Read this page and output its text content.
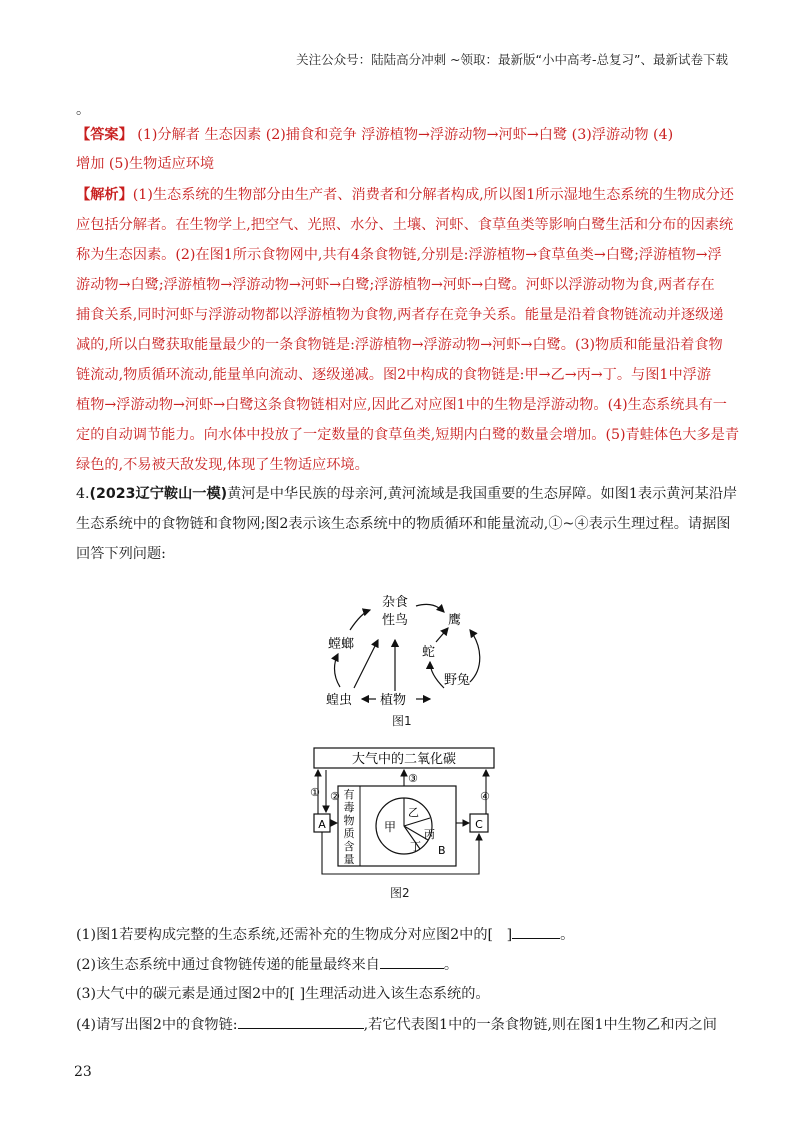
关注公众号：陆陆高分冲刺 ~领取：最新版“小中高考-总复习”、最新试卷下载
。
【答案】 (1)分解者 生态因素 (2)捕食和竞争 浮游植物→浮游动物→河虾→白鹭 (3)浮游动物 (4)
增加 (5)生物适应环境
【解析】(1)生态系统的生物部分由生产者、消费者和分解者构成,所以图1所示湿地生态系统的生物成分还
应包括分解者。在生物学上,把空气、光照、水分、土壤、河虾、食草鱼类等影响白鹭生活和分布的因素统
称为生态因素。(2)在图1所示食物网中,共有4条食物链,分别是:浮游植物→食草鱼类→白鹭;浮游植物→浮
游动物→白鹭;浮游植物→浮游动物→河虾→白鹭;浮游植物→河虾→白鹭。河虾以浮游动物为食,两者存在
捕食关系,同时河虾与浮游动物都以浮游植物为食物,两者存在竞争关系。能量是沿着食物链流动并逐级递
减的,所以白鹭获取能量最少的一条食物链是:浮游植物→浮游动物→河虾→白鹭。(3)物质和能量沿着食物
链流动,物质循环流动,能量单向流动、逐级递减。图2中构成的食物链是:甲→乙→丙→丁。与图1中浮游
植物→浮游动物→河虾→白鹭这条食物链相对应,因此乙对应图1中的生物是浮游动物。(4)生态系统具有一
定的自动调节能力。向水体中投放了一定数量的食草鱼类,短期内白鹭的数量会增加。(5)青蛙体色大多是青
绿色的,不易被天敌发现,体现了生物适应环境。
4.(2023辽宁鞍山一模)黄河是中华民族的母亲河,黄河流域是我国重要的生态屏障。如图1表示黄河某沿岸
生态系统中的食物链和食物网;图2表示该生态系统中的物质循环和能量流动,①~④表示生理过程。请据图
回答下列问题:
杂食
性鸟
螳螂
鹰
蛇
蝗虫
野兔
植物
图1
大气中的二氧化碳
A	C
① ②
③
④
有
毒
物
质
含
量
甲
乙
丙
丁 B
图2
(1)图1若要构成完整的生态系统,还需补充的生物成分对应图2中的[ ]	。
(2)该生态系统中通过食物链传递的能量最终来自	。
(3)大气中的碳元素是通过图2中的[ ]生理活动进入该生态系统的。
(4)请写出图2中的食物链:	,若它代表图1中的一条食物链,则在图1中生物乙和丙之间
23
